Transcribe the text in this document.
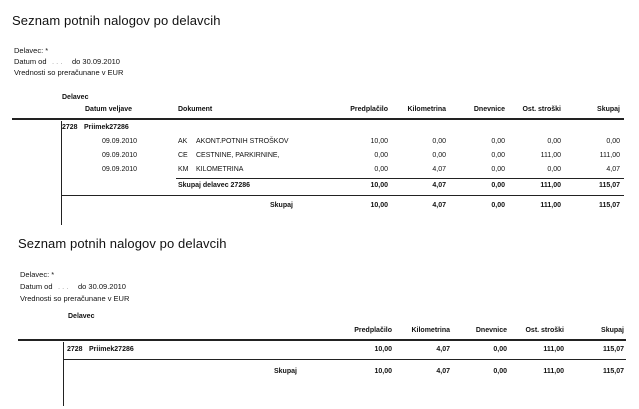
Seznam potnih nalogov po delavcih
Delavec: *
Datum od . . . do 30.09.2010
Vrednosti so preračunane v EUR
Delavec
Datum veljave	Dokument	Predplačilo	Kilometrina	Dnevnice	Ost. stroški	Skupaj
2728 Priimek27286
09.09.2010	AK AKONT.POTNIH STROŠKOV	10,00	0,00	0,00	0,00	0,00
09.09.2010	CE CESTNINE, PARKIRNINE,	0,00	0,00	0,00	111,00	111,00
09.09.2010	KM KILOMETRINA	0,00	4,07	0,00	0,00	4,07
Skupaj delavec 27286	10,00	4,07	0,00	111,00	115,07
Skupaj	10,00	4,07	0,00	111,00	115,07
Seznam potnih nalogov po delavcih
Delavec: *
Datum od . . . do 30.09.2010
Vrednosti so preračunane v EUR
Delavec
Predplačilo	Kilometrina	Dnevnice	Ost. stroški	Skupaj
2728 Priimek27286	10,00	4,07	0,00	111,00	115,07
Skupaj	10,00	4,07	0,00	111,00	115,07
